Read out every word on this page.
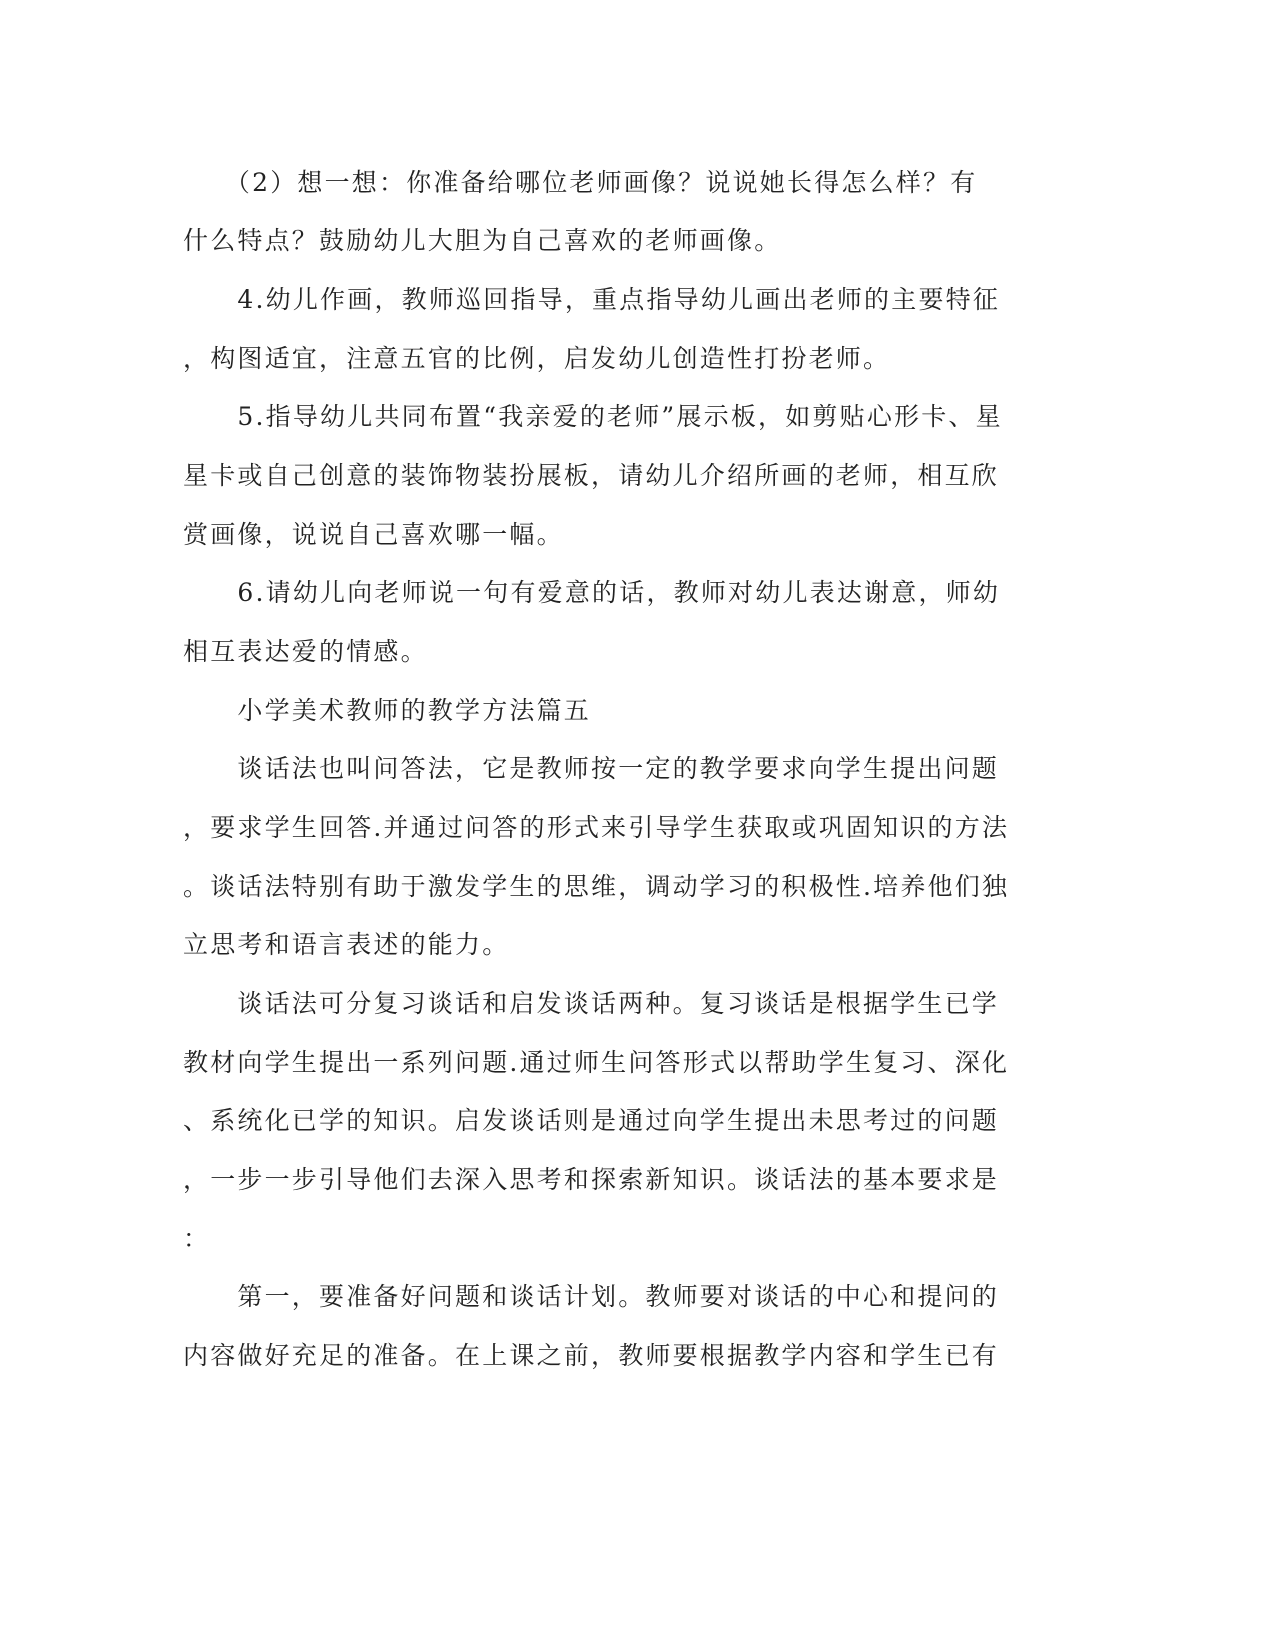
　　（2）想一想：你准备给哪位老师画像？说说她长得怎么样？有
什么特点？鼓励幼儿大胆为自己喜欢的老师画像。
　　4.幼儿作画，教师巡回指导，重点指导幼儿画出老师的主要特征
，构图适宜，注意五官的比例，启发幼儿创造性打扮老师。
　　5.指导幼儿共同布置“我亲爱的老师”展示板，如剪贴心形卡、星
星卡或自己创意的装饰物装扮展板，请幼儿介绍所画的老师，相互欣
赏画像，说说自己喜欢哪一幅。
　　6.请幼儿向老师说一句有爱意的话，教师对幼儿表达谢意，师幼
相互表达爱的情感。
　　小学美术教师的教学方法篇五
　　谈话法也叫问答法，它是教师按一定的教学要求向学生提出问题
，要求学生回答.并通过问答的形式来引导学生获取或巩固知识的方法
。谈话法特别有助于激发学生的思维，调动学习的积极性.培养他们独
立思考和语言表述的能力。
　　谈话法可分复习谈话和启发谈话两种。复习谈话是根据学生已学
教材向学生提出一系列问题.通过师生问答形式以帮助学生复习、深化
、系统化已学的知识。启发谈话则是通过向学生提出未思考过的问题
，一步一步引导他们去深入思考和探索新知识。谈话法的基本要求是
：
　　第一，要准备好问题和谈话计划。教师要对谈话的中心和提问的
内容做好充足的准备。在上课之前，教师要根据教学内容和学生已有
